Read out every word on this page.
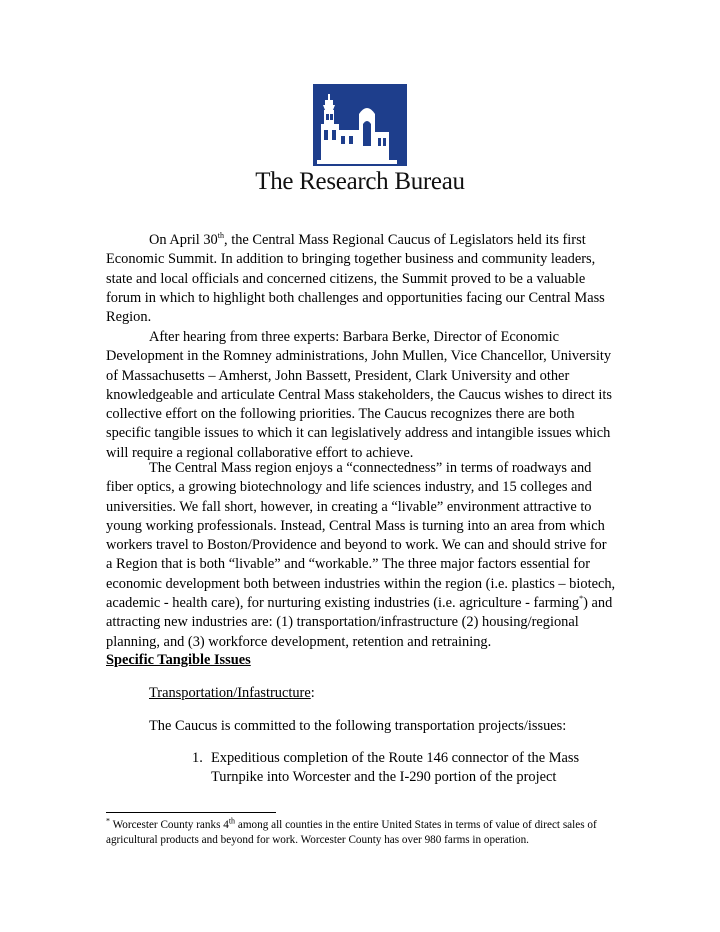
The Research Bureau

On April 30th, the Central Mass Regional Caucus of Legislators held its first Economic Summit. In addition to bringing together business and community leaders, state and local officials and concerned citizens, the Summit proved to be a valuable forum in which to highlight both challenges and opportunities facing our Central Mass Region.

After hearing from three experts: Barbara Berke, Director of Economic Development in the Romney administrations, John Mullen, Vice Chancellor, University of Massachusetts – Amherst, John Bassett, President, Clark University and other knowledgeable and articulate Central Mass stakeholders, the Caucus wishes to direct its collective effort on the following priorities. The Caucus recognizes there are both specific tangible issues to which it can legislatively address and intangible issues which will require a regional collaborative effort to achieve.

The Central Mass region enjoys a “connectedness” in terms of roadways and fiber optics, a growing biotechnology and life sciences industry, and 15 colleges and universities. We fall short, however, in creating a “livable” environment attractive to young working professionals. Instead, Central Mass is turning into an area from which workers travel to Boston/Providence and beyond to work. We can and should strive for a Region that is both “livable” and “workable.” The three major factors essential for economic development both between industries within the region (i.e. plastics – biotech, academic - health care), for nurturing existing industries (i.e. agriculture - farming*) and attracting new industries are: (1) transportation/infrastructure (2) housing/regional planning, and (3) workforce development, retention and retraining.

Specific Tangible Issues
Transportation/Infastructure:
The Caucus is committed to the following transportation projects/issues:
1. Expeditious completion of the Route 146 connector of the Mass Turnpike into Worcester and the I-290 portion of the project
* Worcester County ranks 4th among all counties in the entire United States in terms of value of direct sales of agricultural products and beyond for work. Worcester County has over 980 farms in operation.
